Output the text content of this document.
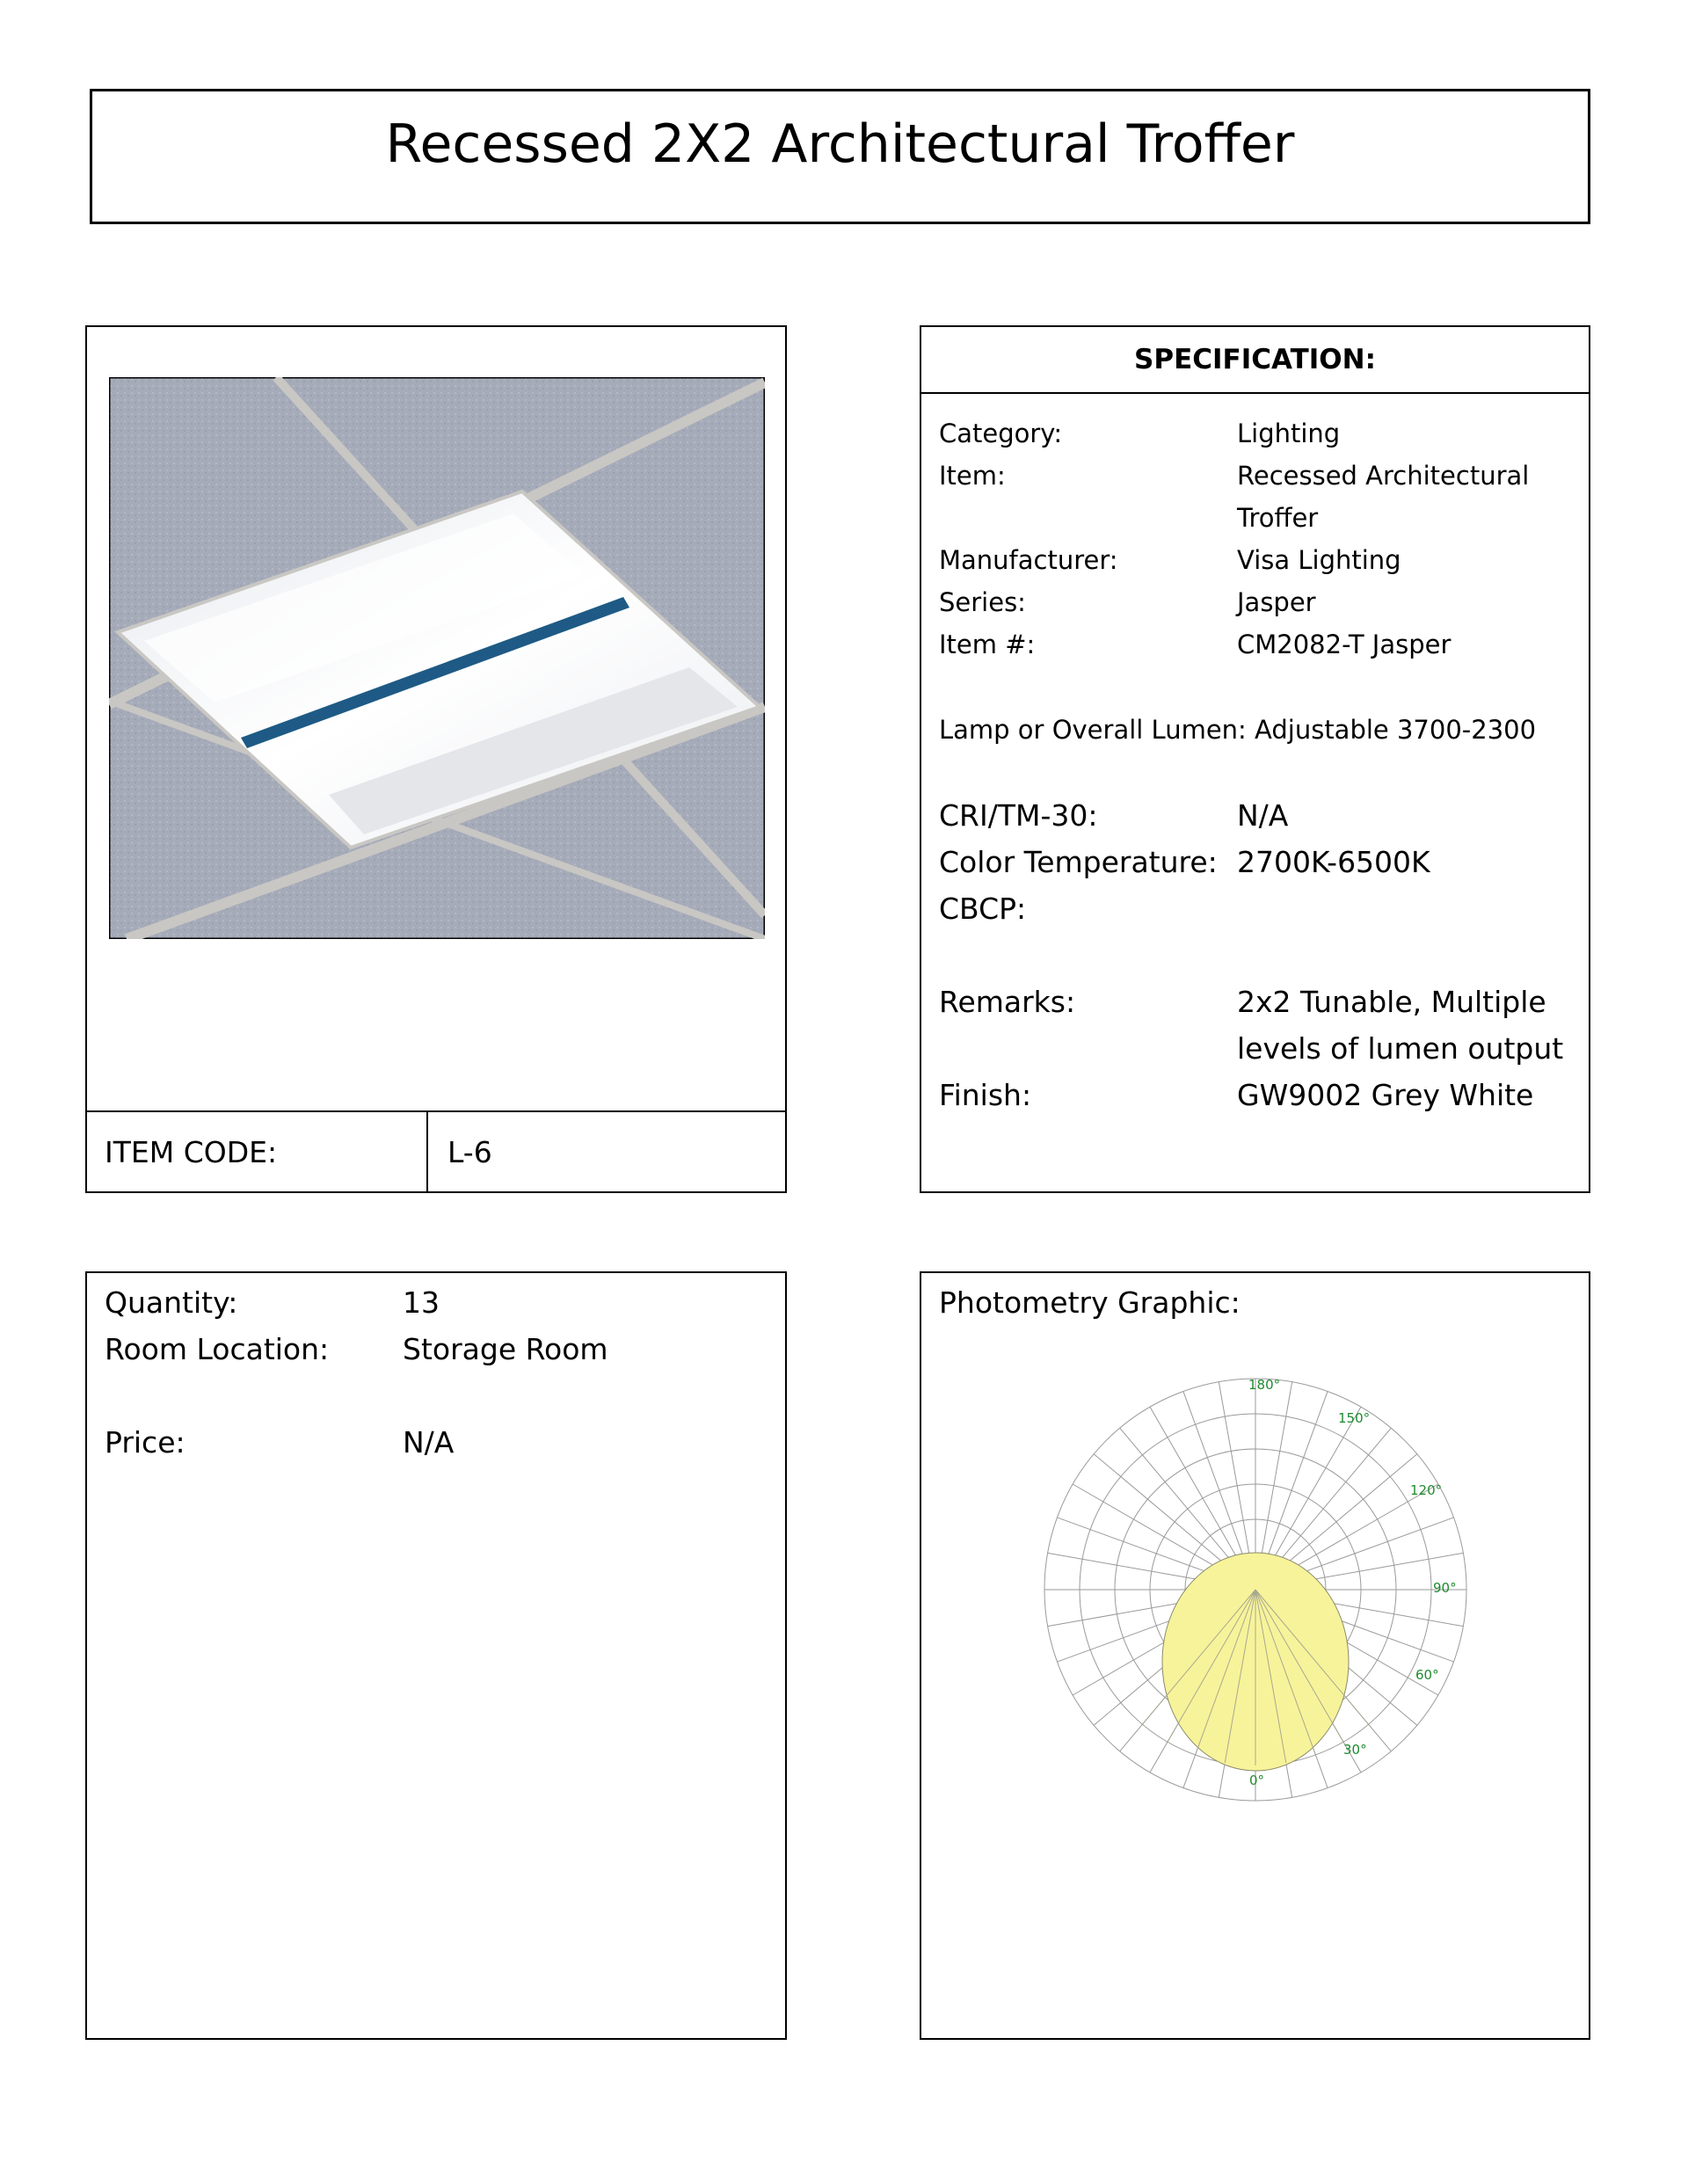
Recessed 2X2 Architectural Troffer
ITEM CODE:	L-6
SPECIFICATION:
Category:	Lighting
Item:	Recessed Architectural
Troffer
Manufacturer:	Visa Lighting
Series:	Jasper
Item #:	CM2082-T Jasper
Lamp or Overall Lumen: Adjustable 3700-2300
CRI/TM-30:	N/A
Color Temperature: 2700K-6500K
CBCP:
Remarks:	2x2 Tunable, Multiple
levels of lumen output
Finish:	GW9002 Grey White
Quantity:	13
Room Location:	Storage Room
Price:	N/A
Photometry Graphic:
180°
150°
120°
90°
60°
30°
0°
